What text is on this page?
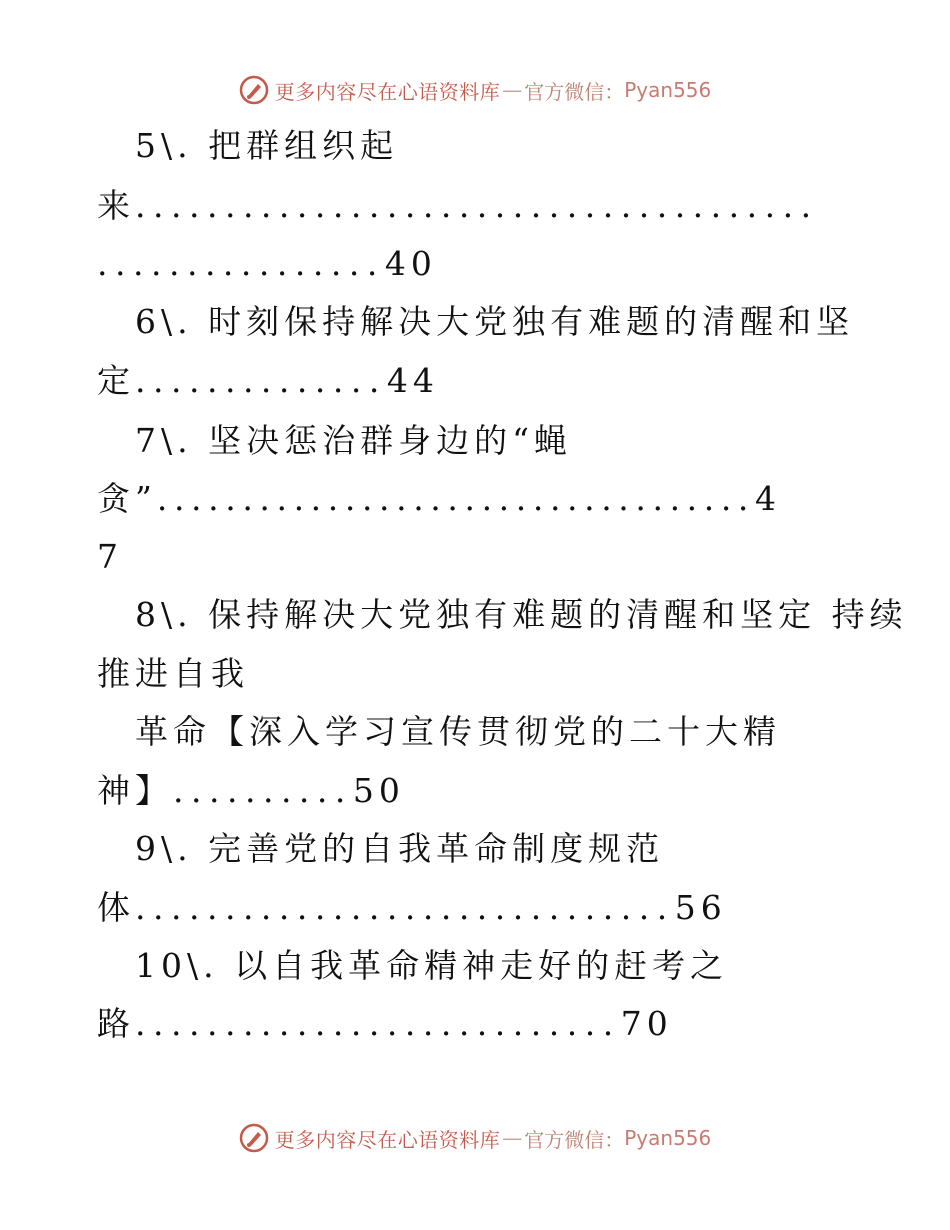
更多内容尽在心语资料库 — 官方微信： Pyan556
5\. 把群组织起
来......................................
................40
6\. 时刻保持解决大党独有难题的清醒和坚
定..............44
7\. 坚决惩治群身边的“蝇
贪”...................................4
7
8\. 保持解决大党独有难题的清醒和坚定 持续
推进自我
革命【深入学习宣传贯彻党的二十大精
神】..........50
9\. 完善党的自我革命制度规范
体..............................56
10\. 以自我革命精神走好的赶考之
路...........................70
更多内容尽在心语资料库 — 官方微信： Pyan556
